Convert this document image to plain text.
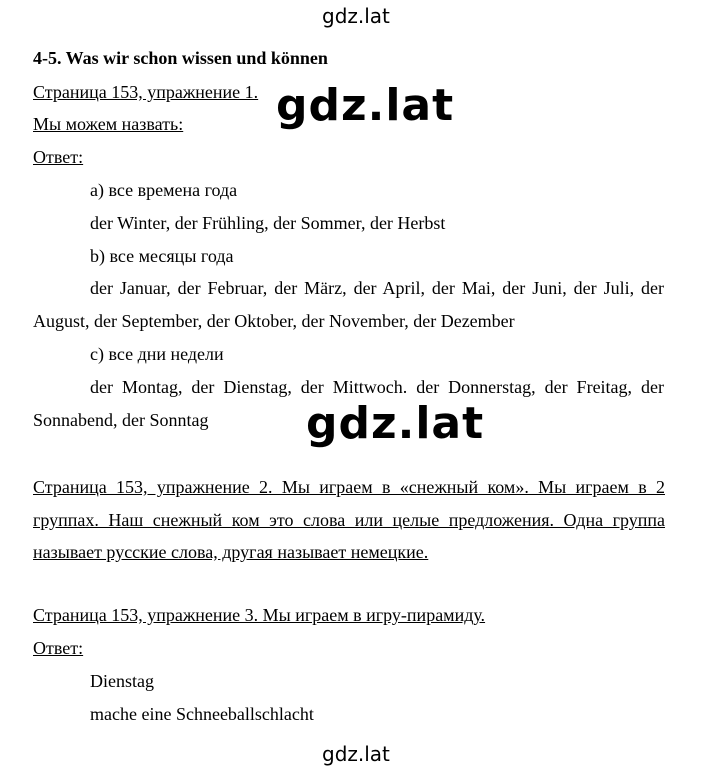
gdz.lat
4-5. Was wir schon wissen und können
Страница 153, упражнение 1. gdz.lat
Мы можем назвать:
Ответ:
a) все времена года
der Winter, der Frühling, der Sommer, der Herbst
b) все месяцы года
der Januar, der Februar, der März, der April, der Mai, der Juni, der Juli, der
August, der September, der Oktober, der November, der Dezember
c) все дни недели
der Montag, der Dienstag, der Mittwoch. der Donnerstag, der Freitag, der
Sonnabend, der Sonntag gdz.lat
Страница 153, упражнение 2. Мы играем в «снежный ком». Мы играем в 2
группах. Наш снежный ком это слова или целые предложения. Одна группа
называет русские слова, другая называет немецкие.
Страница 153, упражнение 3. Мы играем в игру-пирамиду.
Ответ:
Dienstag
mache eine Schneeballschlacht
gdz.lat
